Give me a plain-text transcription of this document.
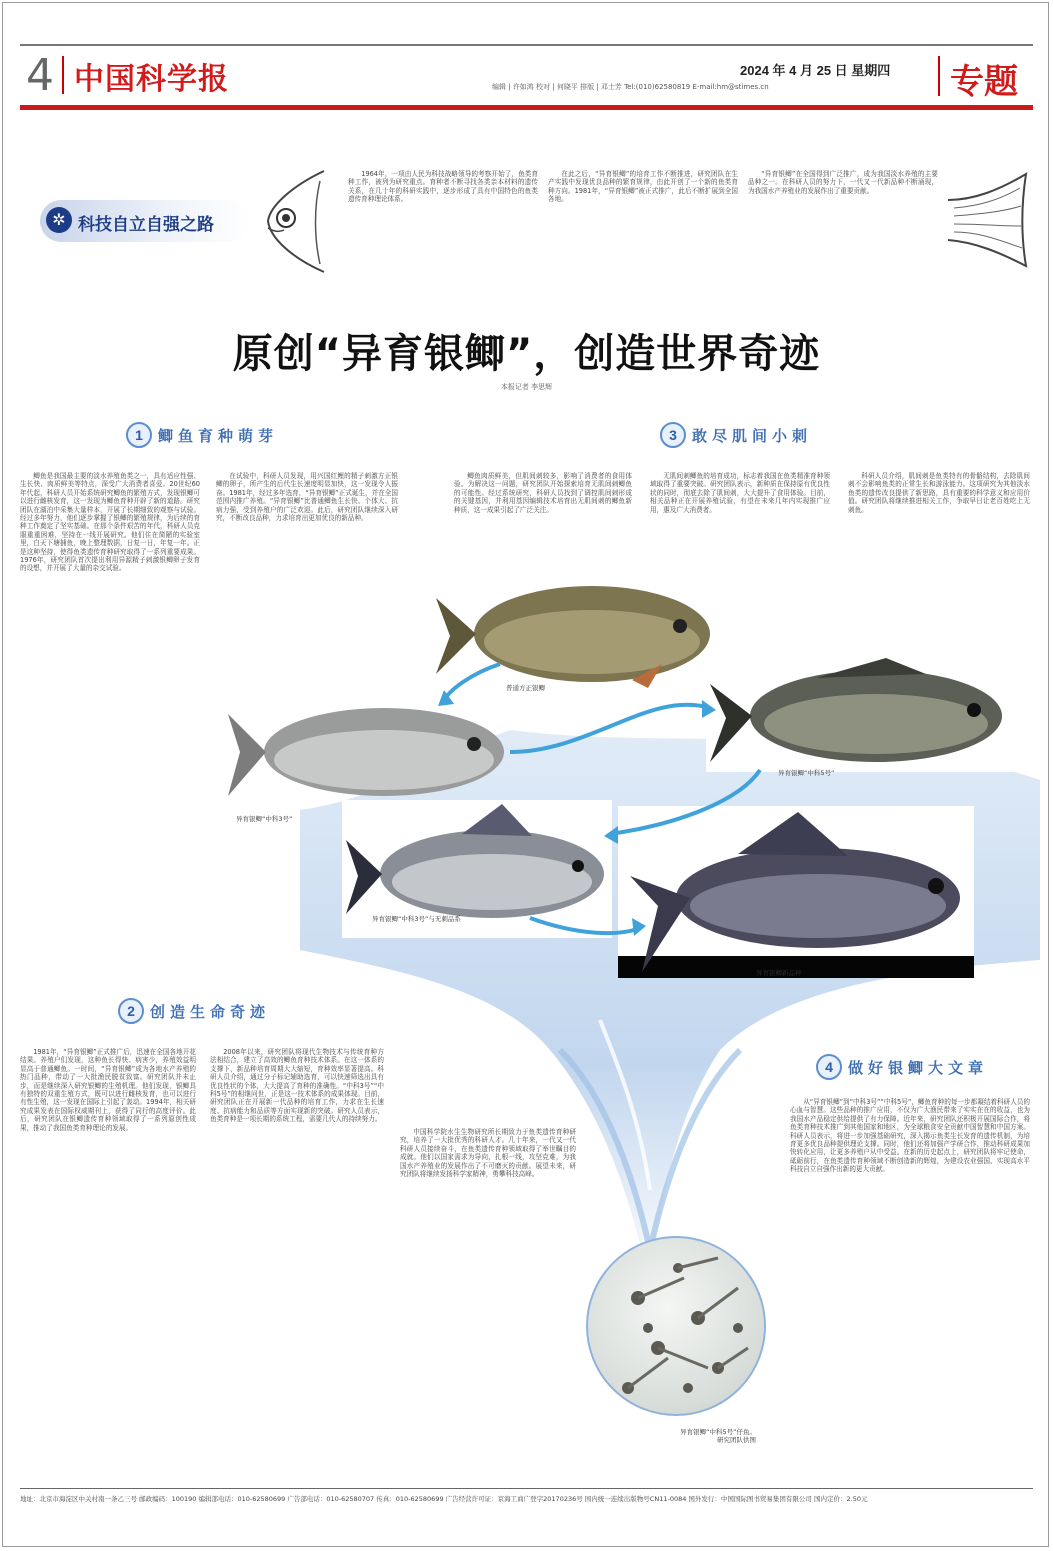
4 中国科学报	2024 年 4 月 25 日 星期四
编辑 | 许如鸿 校对 | 何晓平 排版 | 邓士芳 Tel:(010)62580819 E-mail:hm@stimes.cn	专题
✲ 科技自立自强之路
1964年，一项由人民为科技战略领导的考察开始了，鱼类育种工作，被列为研究重点。育种者不断寻找各类亲本材料的遗传关系，在几十年的科研实践中，逐步形成了具有中国特色的鱼类遗传育种理论体系。
在此之后，“异育银鲫”的培育工作不断推进，研究团队在生产实践中发现优良品种的繁育规律，由此开创了一个新的鱼类育种方向。1981年，“异育银鲫”被正式推广，此后不断扩展到全国各地。
“异育银鲫”在全国得到广泛推广，成为我国淡水养殖的主要品种之一。在科研人员的努力下，一代又一代新品种不断涌现，为我国水产养殖业的发展作出了重要贡献。
原创“异育银鲫”，创造世界奇迹
本报记者 李思辉
1	鲫鱼育种萌芽	3	敢尽肌间小刺
2	创造生命奇迹
4	做好银鲫大文章
鲫鱼是我国最主要的淡水养殖鱼类之一，具有适应性强、生长快、肉质鲜美等特点，深受广大消费者喜爱。20世纪60年代起，科研人员开始系统研究鲫鱼的繁殖方式，发现银鲫可以进行雌核发育，这一发现为鲫鱼育种开辟了新的道路。研究团队在湖泊中采集大量样本，开展了长期细致的观察与试验。经过多年努力，他们逐步掌握了银鲫的繁殖规律，为后续的育种工作奠定了坚实基础。在那个条件艰苦的年代，科研人员克服重重困难，坚持在一线开展研究。他们住在简陋的实验室里，白天下塘捕鱼，晚上整理数据，日复一日，年复一年。正是这种坚持，使得鱼类遗传育种研究取得了一系列重要成果。1976年，研究团队首次提出利用异源精子刺激银鲫卵子发育的设想，并开展了大量的杂交试验。
在试验中，科研人员发现，用兴国红鲤的精子刺激方正银鲫的卵子，所产生的后代生长速度明显加快，这一发现令人振奋。1981年，经过多年选育，“异育银鲫”正式诞生，并在全国范围内推广养殖。“异育银鲫”比普通鲫鱼生长快、个体大、抗病力强，受到养殖户的广泛欢迎。此后，研究团队继续深入研究，不断改良品种，力求培育出更加优良的新品种。
鲫鱼肉质鲜美，但肌间刺较多，影响了消费者的食用体验。为解决这一问题，研究团队开始探索培育无肌间刺鲫鱼的可能性。经过系统研究，科研人员找到了调控肌间刺形成的关键基因，并利用基因编辑技术培育出无肌间刺的鲫鱼新种质，这一成果引起了广泛关注。
无肌间刺鲫鱼的培育成功，标志着我国在鱼类精准育种领域取得了重要突破。研究团队表示，新种质在保持原有优良性状的同时，彻底去除了肌间刺，大大提升了食用体验。目前，相关品种正在开展养殖试验，有望在未来几年内实现推广应用，惠及广大消费者。
科研人员介绍，肌间刺是鱼类特有的骨骼结构，去除肌间刺不会影响鱼类的正常生长和游泳能力。这项研究为其他淡水鱼类的遗传改良提供了新思路，具有重要的科学意义和应用价值。研究团队将继续推进相关工作，争取早日让老百姓吃上无刺鱼。
1981年，“异育银鲫”正式推广后，迅速在全国各地开花结果。养殖户们发现，这种鱼长得快、病害少，养殖效益明显高于普通鲫鱼。一时间，“异育银鲫”成为各地水产养殖的热门品种，带动了一大批渔民脱贫致富。研究团队并未止步，而是继续深入研究银鲫的生殖机理。他们发现，银鲫具有独特的双重生殖方式，既可以进行雌核发育，也可以进行有性生殖，这一发现在国际上引起了轰动。1994年，相关研究成果发表在国际权威期刊上，获得了同行的高度评价。此后，研究团队在银鲫遗传育种领域取得了一系列原创性成果，推动了我国鱼类育种理论的发展。
2008年以来，研究团队将现代生物技术与传统育种方法相结合，建立了高效的鲫鱼育种技术体系。在这一体系的支撑下，新品种培育周期大大缩短，育种效率显著提高。科研人员介绍，通过分子标记辅助选育，可以快速筛选出具有优良性状的个体，大大提高了育种的准确性。“中科3号”“中科5号”的相继问世，正是这一技术体系的成果体现。目前，研究团队正在开展新一代品种的培育工作，力求在生长速度、抗病能力和品质等方面实现新的突破。研究人员表示，鱼类育种是一项长期的系统工程，需要几代人的持续努力。
中国科学院水生生物研究所长期致力于鱼类遗传育种研究，培养了一大批优秀的科研人才。几十年来，一代又一代科研人员接续奋斗，在鱼类遗传育种领域取得了举世瞩目的成就。他们以国家需求为导向，扎根一线，攻坚克难，为我国水产养殖业的发展作出了不可磨灭的贡献。展望未来，研究团队将继续发扬科学家精神，勇攀科技高峰。
从“异育银鲫”到“中科3号”“中科5号”，鲫鱼育种的每一步都凝结着科研人员的心血与智慧。这些品种的推广应用，不仅为广大渔民带来了实实在在的收益，也为我国水产品稳定供给提供了有力保障。近年来，研究团队还积极开展国际合作，将鱼类育种技术推广到其他国家和地区，为全球粮食安全贡献中国智慧和中国方案。科研人员表示，将进一步加强基础研究，深入揭示鱼类生长发育的遗传机制，为培育更多优良品种提供理论支撑。同时，他们还将加强产学研合作，推动科研成果加快转化应用，让更多养殖户从中受益。在新的历史起点上，研究团队将牢记使命，砥砺前行，在鱼类遗传育种领域不断创造新的辉煌，为建设农业强国、实现高水平科技自立自强作出新的更大贡献。
普通方正银鲫
异育银鲫“中科3号”
异育银鲫“中科5号”
异育银鲫“中科3号”与无刺品系
异育银鲫新品种
异育银鲫“中科5号”仔鱼。
研究团队供图
地址：北京市海淀区中关村南一条乙三号 邮政编码：100190 编辑部电话：010-62580699 广告部电话：010-62580707 传真：010-62580699 广告经营许可证：京海工商广登字20170236号 国内统一连续出版物号CN11-0084 国外发行：中国国际图书贸易集团有限公司 国内定价：2.50元
